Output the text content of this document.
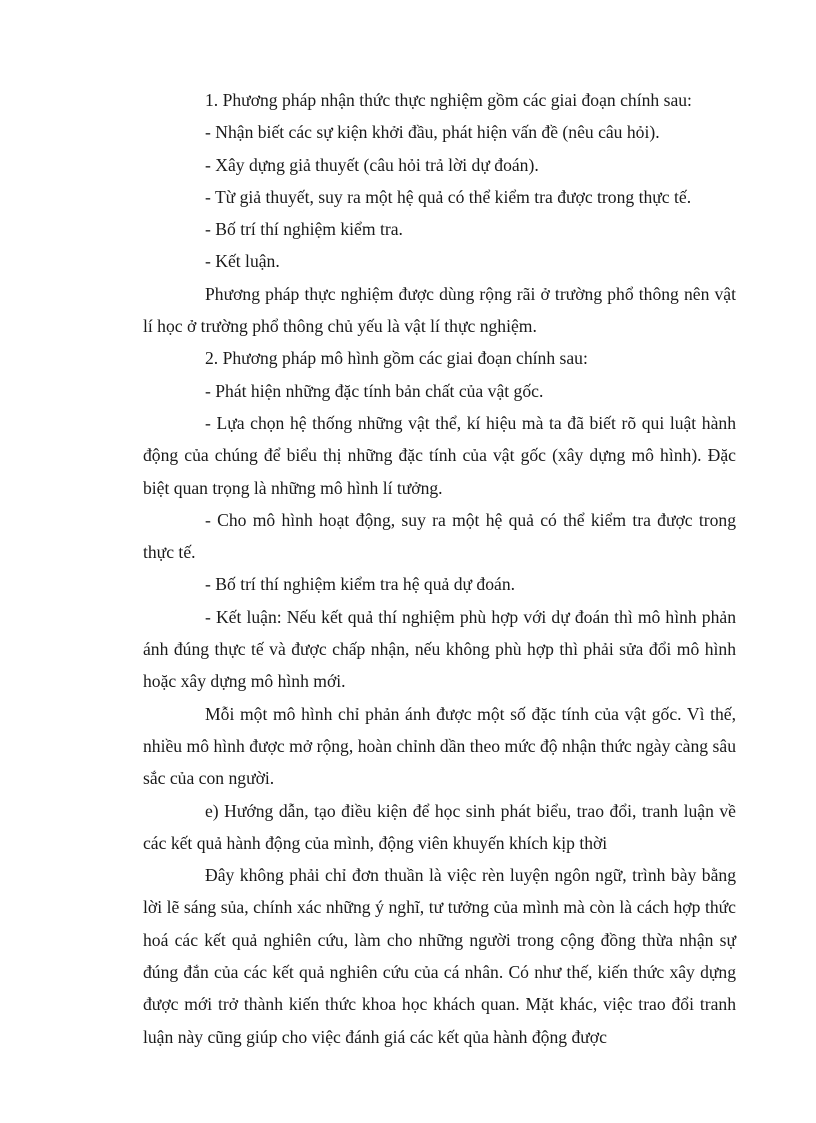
1. Phương pháp nhận thức thực nghiệm gồm các giai đoạn chính sau:

- Nhận biết các sự kiện khởi đầu, phát hiện vấn đề (nêu câu hỏi).

- Xây dựng giả thuyết (câu hỏi trả lời dự đoán).

- Từ giả thuyết, suy ra một hệ quả có thể kiểm tra được trong thực tế.

- Bố trí thí nghiệm kiểm tra.

- Kết luận.

Phương pháp thực nghiệm được dùng rộng rãi ở trường phổ thông nên vật lí học ở trường phổ thông chủ yếu là vật lí thực nghiệm.

2. Phương pháp mô hình gồm các giai đoạn chính sau:

- Phát hiện những đặc tính bản chất của vật gốc.

- Lựa chọn hệ thống những vật thể, kí hiệu mà ta đã biết rõ qui luật hành động của chúng để biểu thị những đặc tính của vật gốc (xây dựng mô hình). Đặc biệt quan trọng là những mô hình lí tưởng.

- Cho mô hình hoạt động, suy ra một hệ quả có thể kiểm tra được trong thực tế.

- Bố trí thí nghiệm kiểm tra hệ quả dự đoán.

- Kết luận: Nếu kết quả thí nghiệm phù hợp với dự đoán thì mô hình phản ánh đúng thực tế và được chấp nhận, nếu không phù hợp thì phải sửa đổi mô hình hoặc xây dựng mô hình mới.

Mỗi một mô hình chỉ phản ánh được một số đặc tính của vật gốc. Vì thế, nhiều mô hình được mở rộng, hoàn chỉnh dần theo mức độ nhận thức ngày càng sâu sắc của con người.

e) Hướng dẫn, tạo điều kiện để học sinh phát biểu, trao đổi, tranh luận về các kết quả hành động của mình, động viên khuyến khích kịp thời

Đây không phải chỉ đơn thuần là việc rèn luyện ngôn ngữ, trình bày bằng lời lẽ sáng sủa, chính xác những ý nghĩ, tư tưởng của mình mà còn là cách hợp thức hoá các kết quả nghiên cứu, làm cho những người trong cộng đồng thừa nhận sự đúng đắn của các kết quả nghiên cứu của cá nhân. Có như thế, kiến thức xây dựng được mới trở thành kiến thức khoa học khách quan. Mặt khác, việc trao đổi tranh luận này cũng giúp cho việc đánh giá các kết qủa hành động được
